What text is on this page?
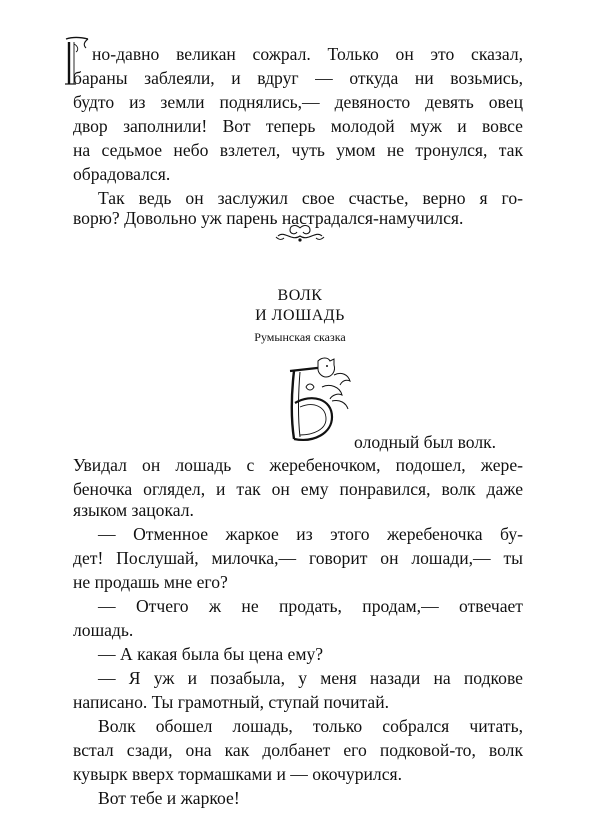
но-давно великан сожрал. Только он это сказал,
бараны заблеяли, и вдруг — откуда ни возьмись,
будто из земли поднялись,— девяносто девять овец
двор заполнили! Вот теперь молодой муж и вовсе
на седьмое небо взлетел, чуть умом не тронулся, так
обрадовался.
Так ведь он заслужил свое счастье, верно я го-
ворю? Довольно уж парень настрадался-намучился.
ВОЛК
И ЛОШАДЬ
Румынская сказка
олодный был волк.
Увидал он лошадь с жеребеночком, подошел, жере-
беночка оглядел, и так он ему понравился, волк даже
языком зацокал.
— Отменное жаркое из этого жеребеночка бу-
дет! Послушай, милочка,— говорит он лошади,— ты
не продашь мне его?
— Отчего ж не продать, продам,— отвечает
лошадь.
— А какая была бы цена ему?
— Я уж и позабыла, у меня назади на подкове
написано. Ты грамотный, ступай почитай.
Волк обошел лошадь, только собрался читать,
встал сзади, она как долбанет его подковой-то, волк
кувырк вверх тормашками и — окочурился.
Вот тебе и жаркое!
